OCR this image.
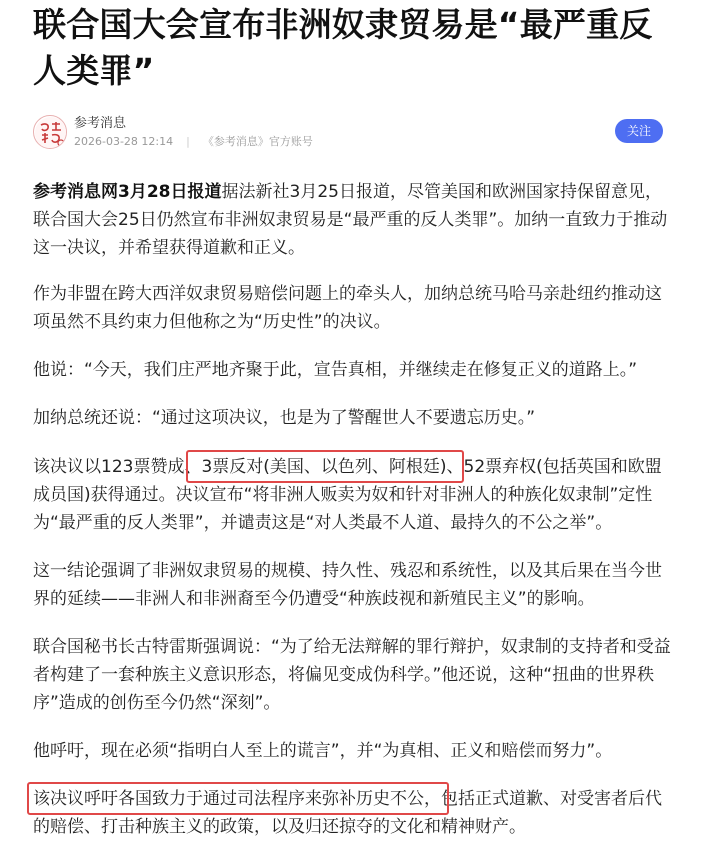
联合国大会宣布非洲奴隶贸易是“最严重反人类罪”
参考消息
2026-03-28 12:14 | 《参考消息》官方账号
关注

参考消息网3月28日报道据法新社3月25日报道，尽管美国和欧洲国家持保留意见，联合国大会25日仍然宣布非洲奴隶贸易是“最严重的反人类罪”。加纳一直致力于推动这一决议，并希望获得道歉和正义。

作为非盟在跨大西洋奴隶贸易赔偿问题上的牵头人，加纳总统马哈马亲赴纽约推动这项虽然不具约束力但他称之为“历史性”的决议。

他说：“今天，我们庄严地齐聚于此，宣告真相，并继续走在修复正义的道路上。”

加纳总统还说：“通过这项决议，也是为了警醒世人不要遗忘历史。”

该决议以123票赞成、3票反对(美国、以色列、阿根廷)、52票弃权(包括英国和欧盟成员国)获得通过。决议宣布“将非洲人贩卖为奴和针对非洲人的种族化奴隶制”定性为“最严重的反人类罪”，并谴责这是“对人类最不人道、最持久的不公之举”。

这一结论强调了非洲奴隶贸易的规模、持久性、残忍和系统性，以及其后果在当今世界的延续——非洲人和非洲裔至今仍遭受“种族歧视和新殖民主义”的影响。

联合国秘书长古特雷斯强调说：“为了给无法辩解的罪行辩护，奴隶制的支持者和受益者构建了一套种族主义意识形态，将偏见变成伪科学。”他还说，这种“扭曲的世界秩序”造成的创伤至今仍然“深刻”。

他呼吁，现在必须“指明白人至上的谎言”，并“为真相、正义和赔偿而努力”。

该决议呼吁各国致力于通过司法程序来弥补历史不公，包括正式道歉、对受害者后代的赔偿、打击种族主义的政策，以及归还掠夺的文化和精神财产。
